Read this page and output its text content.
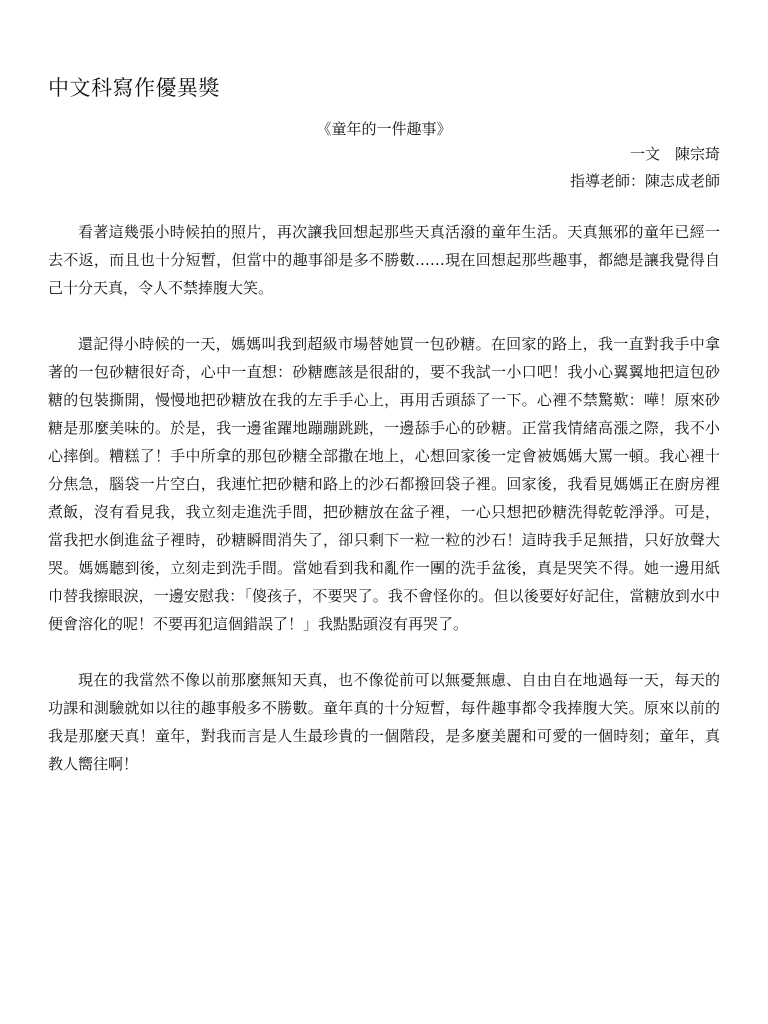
中文科寫作優異獎
《童年的一件趣事》
一文　陳宗琦
指導老師：陳志成老師

看著這幾張小時候拍的照片，再次讓我回想起那些天真活潑的童年生活。天真無邪的童年已經一去不返，而且也十分短暫，但當中的趣事卻是多不勝數……現在回想起那些趣事，都總是讓我覺得自己十分天真，令人不禁捧腹大笑。

還記得小時候的一天，媽媽叫我到超級市場替她買一包砂糖。在回家的路上，我一直對我手中拿著的一包砂糖很好奇，心中一直想：砂糖應該是很甜的，要不我試一小口吧！我小心翼翼地把這包砂糖的包裝撕開，慢慢地把砂糖放在我的左手手心上，再用舌頭舔了一下。心裡不禁驚歎：嘩！原來砂糖是那麼美味的。於是，我一邊雀躍地蹦蹦跳跳，一邊舔手心的砂糖。正當我情緒高漲之際，我不小心摔倒。糟糕了！手中所拿的那包砂糖全部撒在地上，心想回家後一定會被媽媽大罵一頓。我心裡十分焦急，腦袋一片空白，我連忙把砂糖和路上的沙石都撥回袋子裡。回家後，我看見媽媽正在廚房裡煮飯，沒有看見我，我立刻走進洗手間，把砂糖放在盆子裡，一心只想把砂糖洗得乾乾淨淨。可是，當我把水倒進盆子裡時，砂糖瞬間消失了，卻只剩下一粒一粒的沙石！這時我手足無措，只好放聲大哭。媽媽聽到後，立刻走到洗手間。當她看到我和亂作一團的洗手盆後，真是哭笑不得。她一邊用紙巾替我擦眼淚，一邊安慰我：「傻孩子，不要哭了。我不會怪你的。但以後要好好記住，當糖放到水中便會溶化的呢！不要再犯這個錯誤了！」我點點頭沒有再哭了。

現在的我當然不像以前那麼無知天真，也不像從前可以無憂無慮、自由自在地過每一天，每天的功課和測驗就如以往的趣事般多不勝數。童年真的十分短暫，每件趣事都令我捧腹大笑。原來以前的我是那麼天真！童年，對我而言是人生最珍貴的一個階段，是多麼美麗和可愛的一個時刻；童年，真教人嚮往啊！
